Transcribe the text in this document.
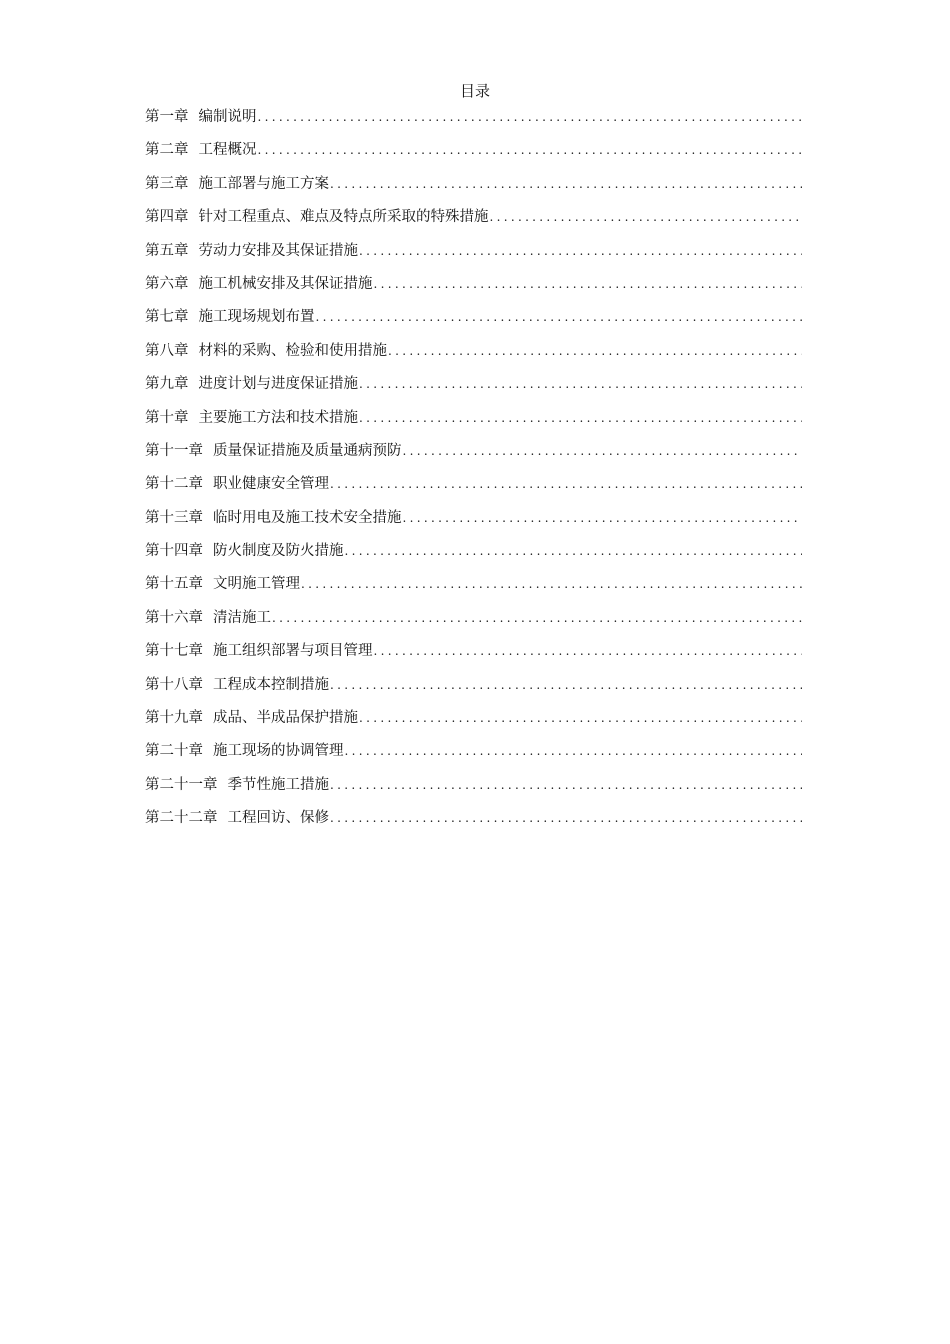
目录
第一章 编制说明
.....
第二章 工程概况
.....
第三章 施工部署与施工方案
.....
第四章 针对工程重点、难点及特点所采取的特殊措施
.....
第五章 劳动力安排及其保证措施
.....
第六章 施工机械安排及其保证措施
.....
第七章 施工现场规划布置
.....
第八章 材料的采购、检验和使用措施
.....
第九章 进度计划与进度保证措施
.....
第十章 主要施工方法和技术措施
.....
第十一章 质量保证措施及质量通病预防
.....
第十二章 职业健康安全管理
.....
第十三章 临时用电及施工技术安全措施
.....
第十四章 防火制度及防火措施
.....
第十五章 文明施工管理
.....
第十六章 清洁施工
.....
第十七章 施工组织部署与项目管理
.....
第十八章 工程成本控制措施
.....
第十九章 成品、半成品保护措施
.....
第二十章 施工现场的协调管理
.....
第二十一章 季节性施工措施
.....
第二十二章 工程回访、保修
.....
